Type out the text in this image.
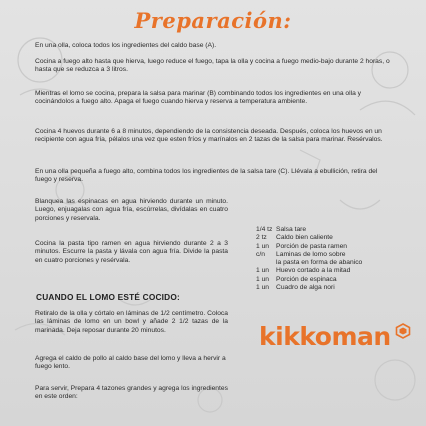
Preparación:

En una olla, coloca todos los ingredientes del caldo base (A).

Cocina a fuego alto hasta que hierva, luego reduce el fuego, tapa la olla y cocina a fuego medio-bajo durante 2 horas, o hasta que se reduzca a 3 litros.

Mientras el lomo se cocina, prepara la salsa para marinar (B) combinando todos los ingredientes en una olla y cocinándolos a fuego alto. Apaga el fuego cuando hierva y reserva a temperatura ambiente.

Cocina 4 huevos durante 6 a 8 minutos, dependiendo de la consistencia deseada. Después, coloca los huevos en un recipiente con agua fría, pélalos una vez que esten fríos y marínalos en 2 tazas de la salsa para marinar. Resérvalos.

En una olla pequeña a fuego alto, combina todos los ingredientes de la salsa tare (C). Llévala a ebullición, retira del fuego y reserva.

Blanquea las espinacas en agua hirviendo durante un minuto. Luego, enjuagalas con agua fría, escúrrelas, divídalas en cuatro porciones y reservala.

Cocina la pasta tipo ramen en agua hirviendo durante 2 a 3 minutos. Escurre la pasta y lávala con agua fría. Divide la pasta en cuatro porciones y resérvala.

CUANDO EL LOMO ESTÉ COCIDO:

Retiralo de la olla y córtalo en láminas de 1/2 centímetro. Coloca las láminas de lomo en un bowl y añade 2 1/2 tazas de la marinada. Deja reposar durante 20 minutos.

Agrega el caldo de pollo al caldo base del lomo y lleva a hervir a fuego lento.

Para servir, Prepara 4 tazones grandes y agrega los ingredientes en este orden:

1/4 tz Salsa tare
2 tz	Caldo bien caliente
1 un	Porción de pasta ramen
c/n	Laminas de lomo sobre
la pasta en forma de abanico
1 un	Huevo cortado a la mitad
1 un	Porción de espinaca
1 un	Cuadro de alga nori
kikkoman
